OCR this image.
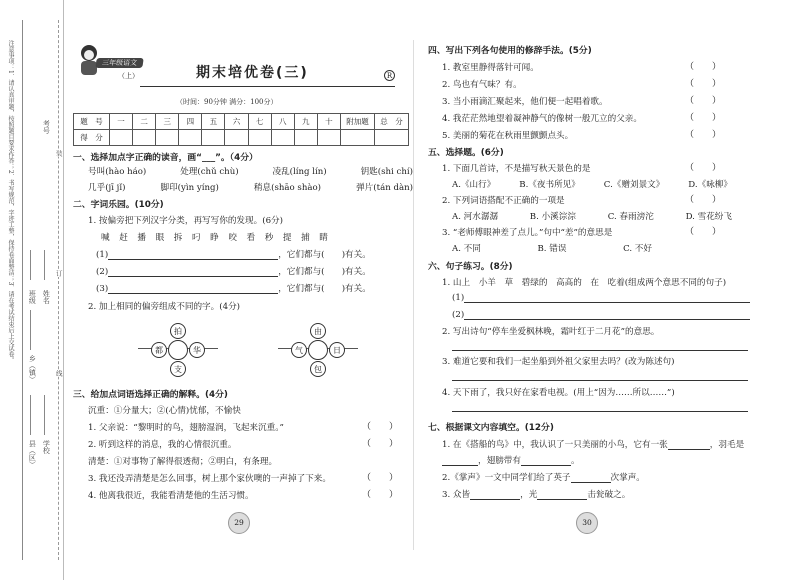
注意事项：1．请认真审题，按照题目要求作答；2．书写规范，字迹工整，保持卷面整洁；3．请在考试结束后上交试卷。 班级 姓名
县（区）
乡（镇）
学校
考号
装
订
线
三年级语文
（上）	期末培优卷(三)	R
（时间：90分钟 满分：100分）
题　号	一	二	三	四	五	六	七	八	九	十	附加题	总　分
得　分												
一、选择加点字正确的读音，画“___”。（4分）
号叫(hào háo)	处理(chǔ chù)	凌乱(líng lín)	钥匙(shi chí)
几乎(jī jǐ)	脚印(yìn yíng)	稍息(shāo shào)	弹片(tán dàn)
二、字词乐园。(10分)
1. 按偏旁把下列汉字分类，再写写你的发现。(6分)
喊　赶　播　眼　拆　叼　睁　咬　看　秒　提　捕　睛
(1)	，它们都与(　　)有关。
(2)	，它们都与(　　)有关。
(3)	，它们都与(　　)有关。
2. 加上相同的偏旁组成不同的字。(4分)
拍
都	华
支
由
气	日
包
三、给加点词语选择正确的解释。(4分)
沉重：①分量大；②(心情)忧郁，不愉快
1. 父亲说：“黎明时的鸟，翅膀湿润，飞起来沉重。”	（　　）
2. 听到这样的消息，我的心情很沉重。	（　　）
清楚：①对事物了解得很透彻；②明白，有条理。
3. 我还没弄清楚是怎么回事，树上那个家伙噢的一声掉了下来。	（　　）
4. 他离我很近，我能看清楚他的生活习惯。	（　　）
29
四、写出下列各句使用的修辞手法。(5分)
1. 教室里静得落针可闻。	（　　）
2. 鸟也有气味？有。	（　　）
3. 当小雨滴汇聚起来，他们便一起唱着歌。	（　　）
4. 我茫茫然地望着凝神静气的像树一般兀立的父亲。	（　　）
5. 美丽的菊花在秋雨里颤颤点头。	（　　）
五、选择题。(6分)
1. 下面几首诗，不是描写秋天景色的是	（　　）
A.《山行》	B.《夜书所见》	C.《赠刘景文》	D.《咏柳》
2. 下列词语搭配不正确的一项是	（　　）
A. 河水潺潺	B. 小溪淙淙	C. 春雨滂沱	D. 雪花纷飞
3. “老师傅眼神差了点儿。”句中“差”的意思是	（　　）
A. 不同	B. 错误	C. 不好
六、句子练习。(8分)
1. 山上　小羊　草　碧绿的　高高的　在　吃着(组成两个意思不同的句子)
(1)
(2)
2. 写出诗句“停车坐爱枫林晚，霜叶红于二月花”的意思。
3. 难道它要和我们一起坐船到外祖父家里去吗？(改为陈述句)
4. 天下雨了，我只好在家看电视。(用上“因为……所以……”)
七、根据课文内容填空。(12分)
1. 在《搭船的鸟》中，我认识了一只美丽的小鸟，它有一张	，羽毛是
，翅膀带有	。
2.《掌声》一文中同学们给了英子	次掌声。
3. 众皆	，光	击瓮破之。
30
